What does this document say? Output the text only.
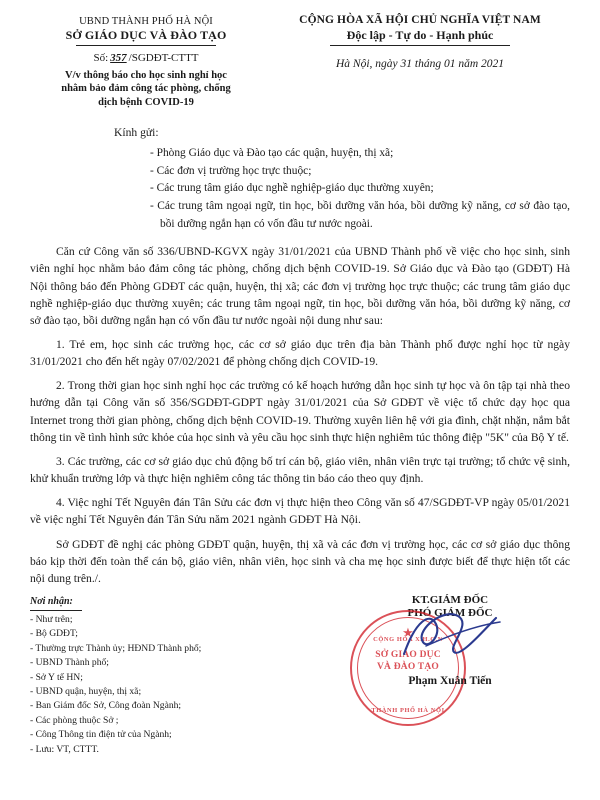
UBND THÀNH PHỐ HÀ NỘI
SỞ GIÁO DỤC VÀ ĐÀO TẠO
Số: 357 /SGDĐT-CTTT
V/v thông báo cho học sinh nghỉ học
nhằm bảo đảm công tác phòng, chống
dịch bệnh COVID-19
CỘNG HÒA XÃ HỘI CHỦ NGHĨA VIỆT NAM
Độc lập - Tự do - Hạnh phúc
Hà Nội, ngày 31 tháng 01 năm 2021
Kính gửi:
- Phòng Giáo dục và Đào tạo các quận, huyện, thị xã;
- Các đơn vị trường học trực thuộc;
- Các trung tâm giáo dục nghề nghiệp-giáo dục thường xuyên;
- Các trung tâm ngoại ngữ, tin học, bồi dưỡng văn hóa, bồi dưỡng kỹ năng, cơ sở đào tạo, bồi dưỡng ngắn hạn có vốn đầu tư nước ngoài.

Căn cứ Công văn số 336/UBND-KGVX ngày 31/01/2021 của UBND Thành phố về việc cho học sinh, sinh viên nghỉ học nhằm bảo đảm công tác phòng, chống dịch bệnh COVID-19. Sở Giáo dục và Đào tạo (GDĐT) Hà Nội thông báo đến Phòng GDĐT các quận, huyện, thị xã; các đơn vị trường học trực thuộc; các trung tâm giáo dục nghề nghiệp-giáo dục thường xuyên; các trung tâm ngoại ngữ, tin học, bồi dưỡng văn hóa, bồi dưỡng kỹ năng, cơ sở đào tạo, bồi dưỡng ngắn hạn có vốn đầu tư nước ngoài nội dung như sau:

1. Trẻ em, học sinh các trường học, các cơ sở giáo dục trên địa bàn Thành phố được nghỉ học từ ngày 31/01/2021 cho đến hết ngày 07/02/2021 để phòng chống dịch COVID-19.

2. Trong thời gian học sinh nghỉ học các trường có kế hoạch hướng dẫn học sinh tự học và ôn tập tại nhà theo hướng dẫn tại Công văn số 356/SGDĐT-GDPT ngày 31/01/2021 của Sở GDĐT về việc tổ chức dạy học qua Internet trong thời gian phòng, chống dịch bệnh COVID-19. Thường xuyên liên hệ với gia đình, chặt nhặn, nắm bắt thông tin về tình hình sức khỏe của học sinh và yêu cầu học sinh thực hiện nghiêm túc thông điệp "5K" của Bộ Y tế.

3. Các trường, các cơ sở giáo dục chủ động bố trí cán bộ, giáo viên, nhân viên trực tại trường; tổ chức vệ sinh, khử khuẩn trường lớp và thực hiện nghiêm công tác thông tin báo cáo theo quy định.

4. Việc nghỉ Tết Nguyên đán Tân Sửu các đơn vị thực hiện theo Công văn số 47/SGDĐT-VP ngày 05/01/2021 về việc nghỉ Tết Nguyên đán Tân Sửu năm 2021 ngành GDĐT Hà Nội.

Sở GDĐT đề nghị các phòng GDĐT quận, huyện, thị xã và các đơn vị trường học, các cơ sở giáo dục thông báo kịp thời đến toàn thể cán bộ, giáo viên, nhân viên, học sinh và cha mẹ học sinh được biết để thực hiện tốt các nội dung trên./.

Nơi nhận:
- Như trên;
- Bộ GDĐT;
- Thường trực Thành ủy; HĐND Thành phố;
- UBND Thành phố;
- Sở Y tế HN;
- UBND quận, huyện, thị xã;
- Ban Giám đốc Sở, Công đoàn Ngành;
- Các phòng thuộc Sở ;
- Công Thông tin điện tử của Ngành;
- Lưu: VT, CTTT.
KT.GIÁM ĐỐC
PHÓ GIÁM ĐỐC
★
CỘNG HÒA X.H.C.N
SỞ GIÁO DỤC
VÀ ĐÀO TẠO
THÀNH PHỐ HÀ NỘI
Phạm Xuân Tiến
